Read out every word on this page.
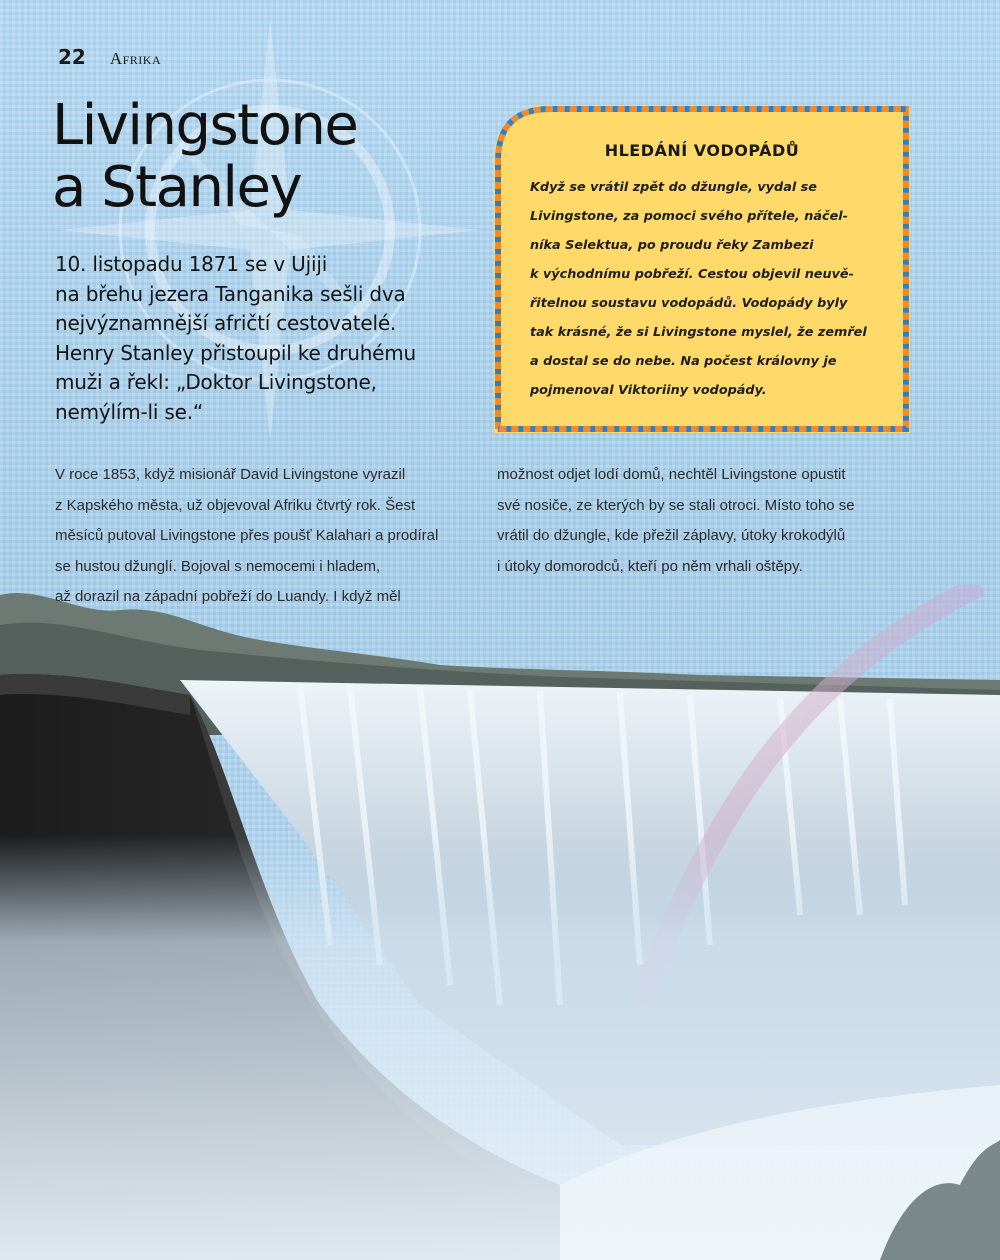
22 Afrika
Livingstone
a Stanley
10. listopadu 1871 se v Ujiji
na břehu jezera Tanganika sešli dva
nejvýznamnější afričtí cestovatelé.
Henry Stanley přistoupil ke druhému
muži a řekl: „Doktor Livingstone,
nemýlím-li se.“
V roce 1853, když misionář David Livingstone vyrazil
z Kapského města, už objevoval Afriku čtvrtý rok. Šest
měsíců putoval Livingstone přes poušť Kalahari a prodíral
se hustou džunglí. Bojoval s nemocemi i hladem,
až dorazil na západní pobřeží do Luandy. I když měl
možnost odjet lodí domů, nechtěl Livingstone opustit
své nosiče, ze kterých by se stali otroci. Místo toho se
vrátil do džungle, kde přežil záplavy, útoky krokodýlů
i útoky domorodců, kteří po něm vrhali oštěpy.
HLEDÁNÍ VODOPÁDŮ
Když se vrátil zpět do džungle, vydal se
Livingstone, za pomoci svého přítele, náčel-
níka Selektua, po proudu řeky Zambezi
k východnímu pobřeží. Cestou objevil neuvě-
řitelnou soustavu vodopádů. Vodopády byly
tak krásné, že si Livingstone myslel, že zemřel
a dostal se do nebe. Na počest královny je
pojmenoval Viktoriiny vodopády.
